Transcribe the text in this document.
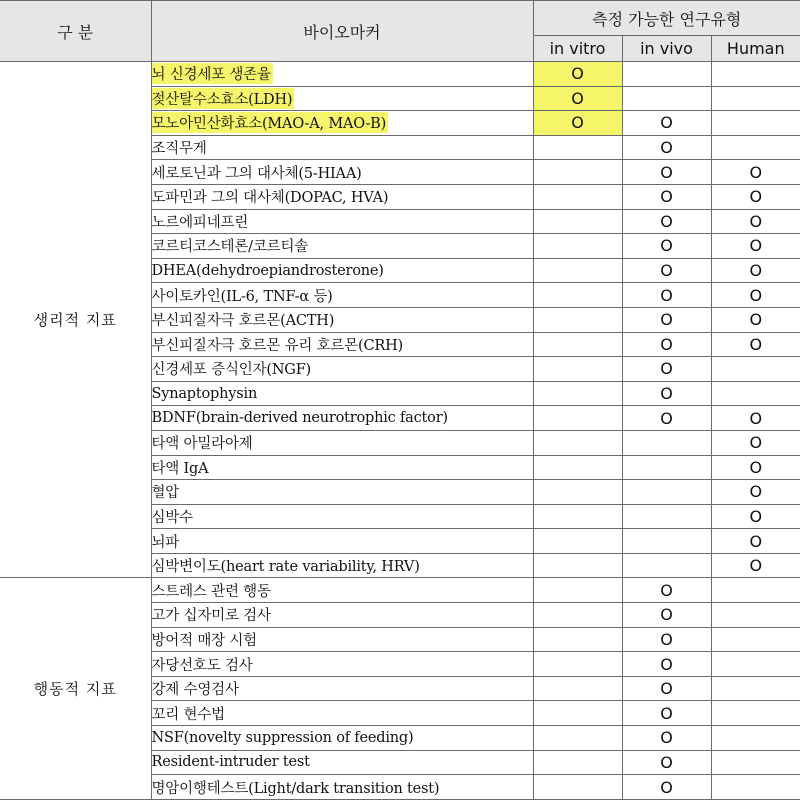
구 분	바이오마커	측정 가능한 연구유형		
		in vitro	in vivo	Human
생리적 지표	뇌 신경세포 생존율	O		
	젖산탈수소효소(LDH)	O		
	모노아민산화효소(MAO-A, MAO-B)	O	O	
	조직무게		O	
	세로토닌과 그의 대사체(5-HIAA)		O	O
	도파민과 그의 대사체(DOPAC, HVA)		O	O
	노르에피네프린		O	O
	코르티코스테론/코르티솔		O	O
	DHEA(dehydroepiandrosterone)		O	O
	사이토카인(IL-6, TNF-α 등)		O	O
	부신피질자극 호르몬(ACTH)		O	O
	부신피질자극 호르몬 유리 호르몬(CRH)		O	O
	신경세포 증식인자(NGF)		O	
	Synaptophysin		O	
	BDNF(brain-derived neurotrophic factor)		O	O
	타액 아밀라아제			O
	타액 IgA			O
	혈압			O
	심박수			O
	뇌파			O
	심박변이도(heart rate variability, HRV)			O
행동적 지표	스트레스 관련 행동		O	
	고가 십자미로 검사		O	
	방어적 매장 시험		O	
	자당선호도 검사		O	
	강제 수영검사		O	
	꼬리 현수법		O	
	NSF(novelty suppression of feeding)		O	
	Resident-intruder test		O	
	명암이행테스트(Light/dark transition test)		O	
